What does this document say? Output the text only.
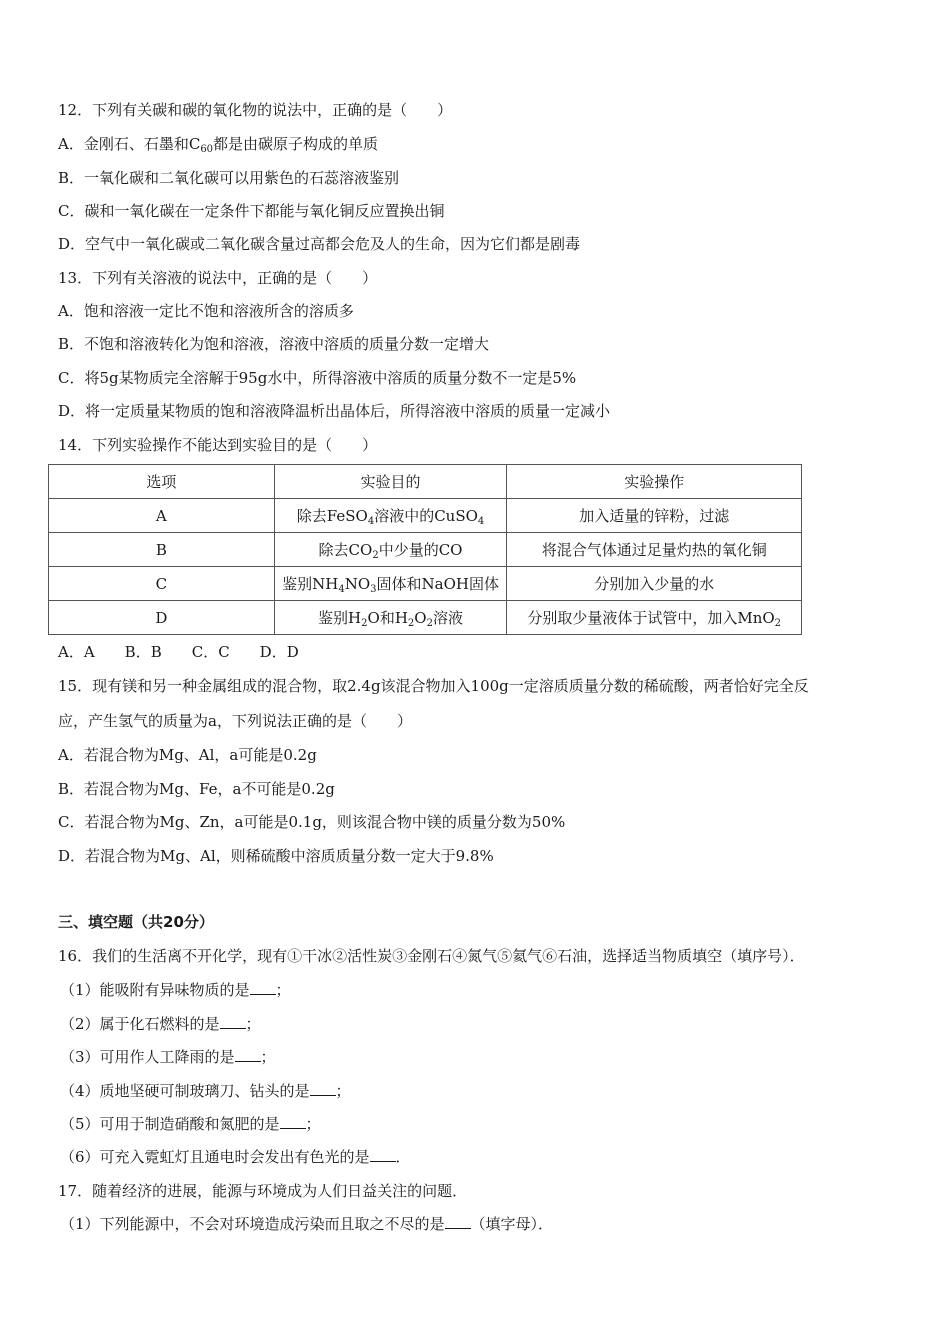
12．下列有关碳和碳的氧化物的说法中，正确的是（　　）
A．金刚石、石墨和$C_{60}$都是由碳原子构成的单质
B．一氧化碳和二氧化碳可以用紫色的石蕊溶液鉴别
C．碳和一氧化碳在一定条件下都能与氧化铜反应置换出铜
D．空气中一氧化碳或二氧化碳含量过高都会危及人的生命，因为它们都是剧毒
13．下列有关溶液的说法中，正确的是（　　）
A．饱和溶液一定比不饱和溶液所含的溶质多
B．不饱和溶液转化为饱和溶液，溶液中溶质的质量分数一定增大
C．将5g某物质完全溶解于95g水中，所得溶液中溶质的质量分数不一定是5%
D．将一定质量某物质的饱和溶液降温析出晶体后，所得溶液中溶质的质量一定减小
14．下列实验操作不能达到实验目的是（　　）
选项	实验目的	实验操作
A	除去FeSO$_4$溶液中的CuSO$_4$	加入适量的锌粉，过滤
B	除去$CO_2$中少量的CO	将混合气体通过足量灼热的氧化铜
C	鉴别$NH_4NO_3$固体和NaOH固体	分别加入少量的水
D	鉴别$H_2O$和$H_2O_2$溶液	分别取少量液体于试管中，加入MnO$_2$
A．A　　B．B　　C．C　　D．D
15．现有镁和另一种金属组成的混合物，取2.4g该混合物加入100g一定溶质质量分数的稀硫酸，两者恰好完全反
应，产生氢气的质量为a，下列说法正确的是（　　）
A．若混合物为Mg、Al，a可能是0.2g
B．若混合物为Mg、Fe，a不可能是0.2g
C．若混合物为Mg、Zn，a可能是0.1g，则该混合物中镁的质量分数为50%
D．若混合物为Mg、Al，则稀硫酸中溶质质量分数一定大于9.8%
三、填空题（共20分）
16．我们的生活离不开化学，现有①干冰②活性炭③金刚石④氮气⑤氦气⑥石油，选择适当物质填空（填序号）．
（1）能吸附有异味物质的是 ；
（2）属于化石燃料的是 ；
（3）可用作人工降雨的是 ；
（4）质地坚硬可制玻璃刀、钻头的是 ；
（5）可用于制造硝酸和氮肥的是 ；
（6）可充入霓虹灯且通电时会发出有色光的是 ．
17．随着经济的进展，能源与环境成为人们日益关注的问题．
（1）下列能源中，不会对环境造成污染而且取之不尽的是 （填字母）．
